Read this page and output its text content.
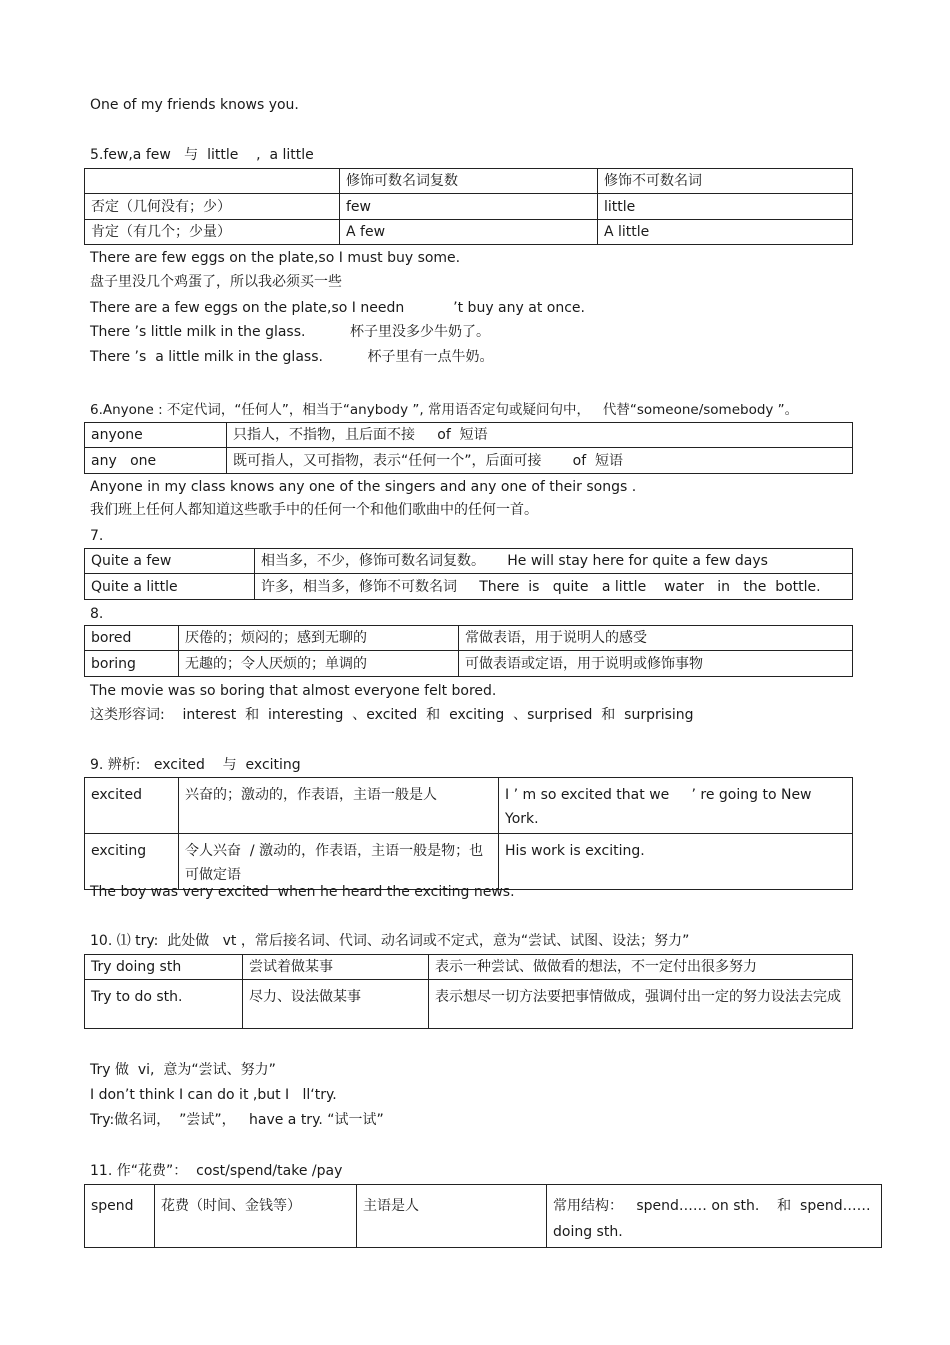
One of my friends knows you.
5.few,a few   与  little    ,  a little
	修饰可数名词复数	修饰不可数名词
否定（几何没有；少）	few	little
肯定（有几个；少量）	A few	A little
There are few eggs on the plate,so I must buy some.
盘子里没几个鸡蛋了，所以我必须买一些
There are a few eggs on the plate,so I needn           ’t buy any at once.
There ’s little milk in the glass.          杯子里没多少牛奶了。
There ’s  a little milk in the glass.          杯子里有一点牛奶。
6.Anyone : 不定代词，“任何人”，相当于“anybody ”, 常用语否定句或疑问句中，   代替“someone/somebody ”。
anyone	只指人，不指物，且后面不接     of  短语
any   one	既可指人，又可指物，表示“任何一个”，后面可接       of  短语
Anyone in my class knows any one of the singers and any one of their songs .
我们班上任何人都知道这些歌手中的任何一个和他们歌曲中的任何一首。
7.
Quite a few	相当多，不少，修饰可数名词复数。     He will stay here for quite a few days
Quite a little	许多，相当多，修饰不可数名词     There  is   quite   a little    water   in   the  bottle.
8.
bored	厌倦的；烦闷的；感到无聊的	常做表语，用于说明人的感受
boring	无趣的；令人厌烦的；单调的	可做表语或定语，用于说明或修饰事物
The movie was so boring that almost everyone felt bored.
这类形容词:    interest  和  interesting  、excited  和  exciting  、surprised  和  surprising
9. 辨析:   excited    与  exciting
excited	兴奋的；激动的，作表语，主语一般是人	I ’ m so excited that we     ’ re going to New York.
exciting	令人兴奋  / 激动的，作表语，主语一般是物；也可做定语	His work is exciting.
The boy was very excited  when he heard the exciting news.
10. ⑴ try:  此处做   vt ，常后接名词、代词、动名词或不定式，意为“尝试、试图、设法；努力”
Try doing sth	尝试着做某事	表示一种尝试、做做看的想法，不一定付出很多努力
Try to do sth.	尽力、设法做某事	表示想尽一切方法要把事情做成，强调付出一定的努力设法去完成
Try 做  vi,  意为“尝试、努力”
I don’t think I can do it ,but I   ll‘try.
Try:做名词，  ”尝试”，   have a try. “试一试”
11. 作“花费”：  cost/spend/take /pay
spend	花费（时间、金钱等）	主语是人	常用结构：   spend…… on sth.    和  spend…… doing sth.
